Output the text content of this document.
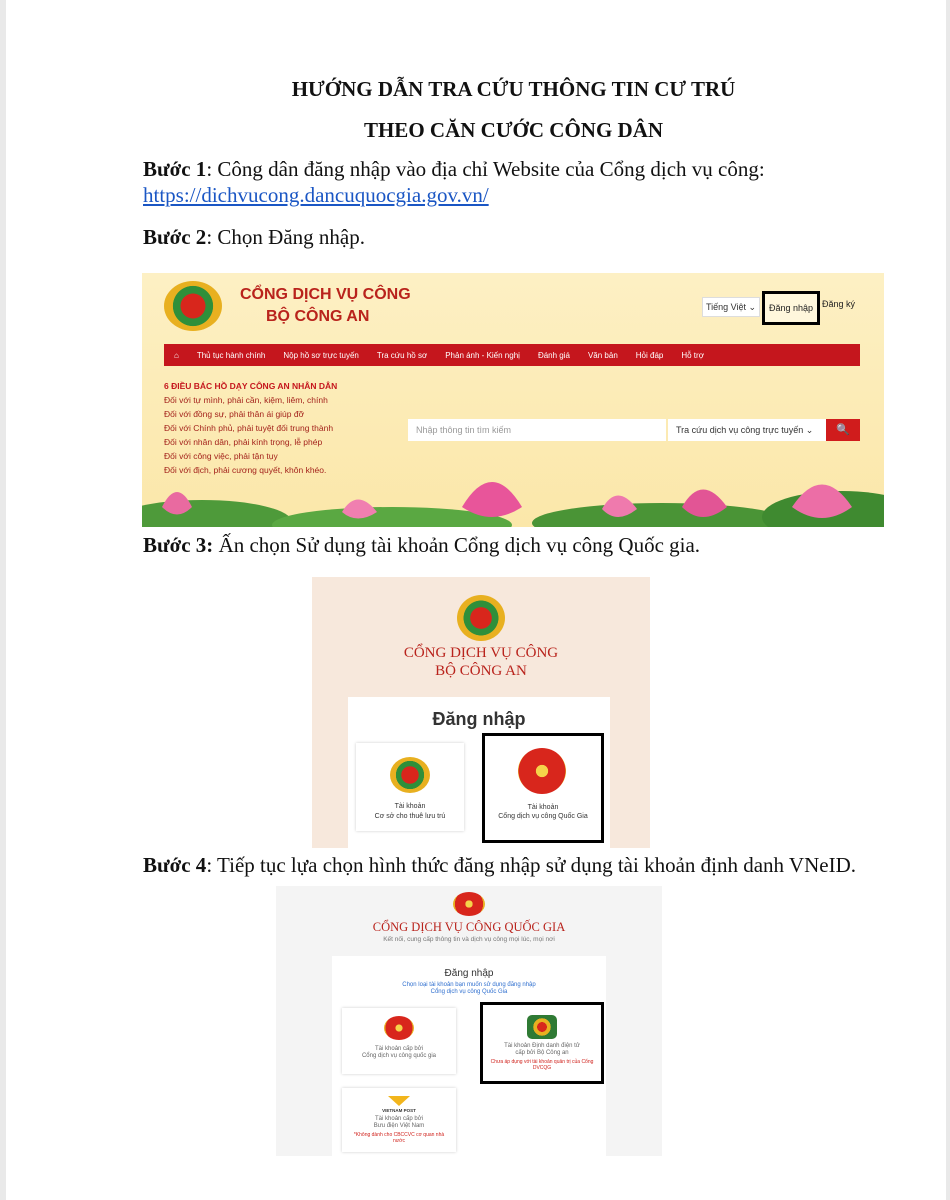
HƯỚNG DẪN TRA CỨU THÔNG TIN CƯ TRÚ
THEO CĂN CƯỚC CÔNG DÂN
Bước 1: Công dân đăng nhập vào địa chỉ Website của Cổng dịch vụ công:
https://dichvucong.dancuquocgia.gov.vn/
Bước 2: Chọn Đăng nhập.
CỔNG DỊCH VỤ CÔNG
BỘ CÔNG AN
Tiếng Việt ⌄	Đăng nhập Đăng ký
⌂ Thủ tục hành chính Nộp hồ sơ trực tuyến Tra cứu hồ sơ Phản ánh - Kiến nghị Đánh giá Văn bản Hỏi đáp Hỗ trợ
6 ĐIỀU BÁC HỒ DẠY CÔNG AN NHÂN DÂN
Đối với tự mình, phải cần, kiệm, liêm, chính
Đối với đồng sự, phải thân ái giúp đỡ
Đối với Chính phủ, phải tuyệt đối trung thành
Đối với nhân dân, phải kính trọng, lễ phép
Đối với công việc, phải tận tụy
Đối với địch, phải cương quyết, khôn khéo.
Nhập thông tin tìm kiếm	Tra cứu dịch vụ công trực tuyến ⌄	🔍
Bước 3: Ấn chọn Sử dụng tài khoản Cổng dịch vụ công Quốc gia.
CỔNG DỊCH VỤ CÔNG
BỘ CÔNG AN
Đăng nhập
Tài khoản
Cơ sở cho thuê lưu trú
Tài khoản
Cổng dịch vụ công Quốc Gia
Bước 4: Tiếp tục lựa chọn hình thức đăng nhập sử dụng tài khoản định danh VNeID.
CỔNG DỊCH VỤ CÔNG QUỐC GIA
Kết nối, cung cấp thông tin và dịch vụ công mọi lúc, mọi nơi
Đăng nhập
Chọn loại tài khoản bạn muốn sử dụng đăng nhập
Cổng dịch vụ công Quốc Gia
Tài khoản cấp bởi
Cổng dịch vụ công quốc gia
Tài khoản Định danh điện tử
cấp bởi Bộ Công an
Chưa áp dụng với tài khoản quản trị của Cổng DVCQG
VIETNAM POST
Tài khoản cấp bởi
Bưu điện Việt Nam
*Không dành cho CBCCVC cơ quan nhà nước
